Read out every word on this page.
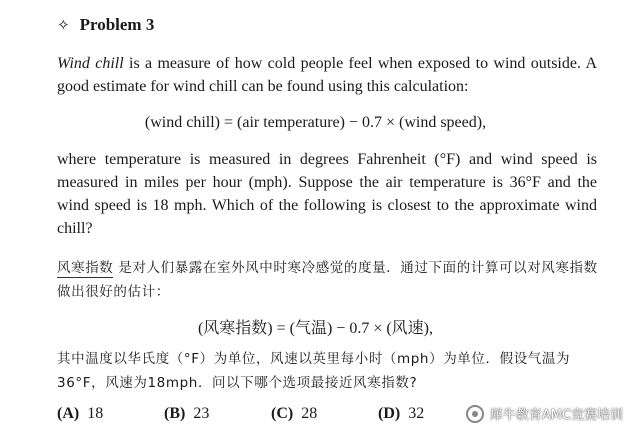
✧ Problem 3

Wind chill is a measure of how cold people feel when exposed to wind outside. A good estimate for wind chill can be found using this calculation:

(wind chill) = (air temperature) − 0.7 × (wind speed),

where temperature is measured in degrees Fahrenheit (°F) and wind speed is measured in miles per hour (mph). Suppose the air temperature is 36°F and the wind speed is 18 mph. Which of the following is closest to the approximate wind chill?

风寒指数 是对人们暴露在室外风中时寒冷感觉的度量．通过下面的计算可以对风寒指数做出很好的估计：

(风寒指数) = (气温) − 0.7 × (风速),

其中温度以华氏度（°F）为单位，风速以英里每小时（mph）为单位．假设气温为36°F，风速为18mph．问以下哪个选项最接近风寒指数?

(A) 18	(B) 23	(C) 28	(D) 32	犀牛教育AMC竞赛培训
